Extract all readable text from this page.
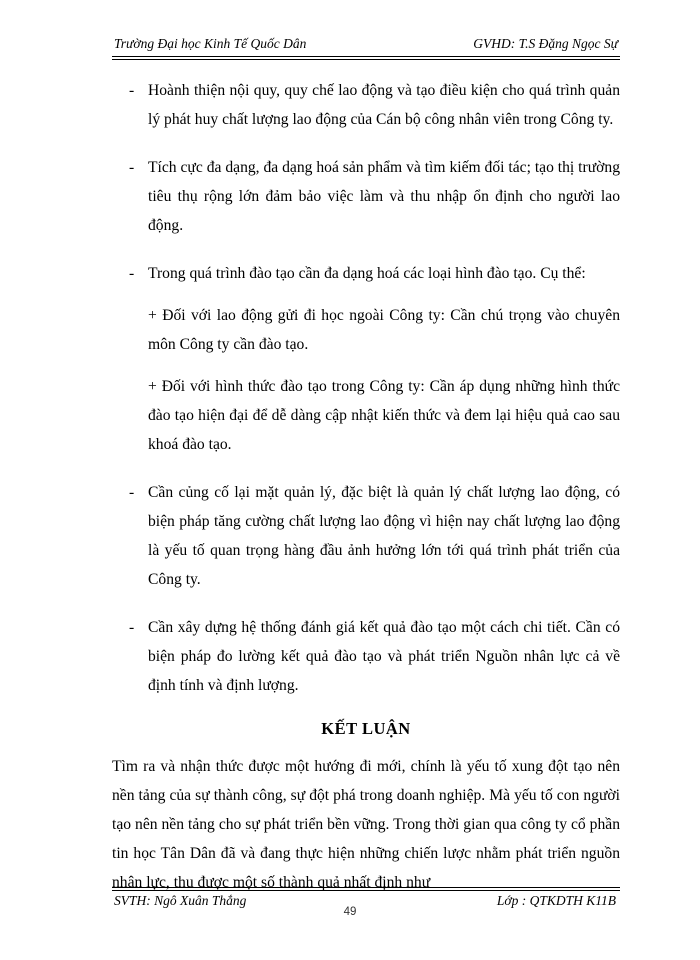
Trường Đại học Kinh Tế Quốc Dân	GVHD: T.S Đặng Ngọc Sự
- Hoành thiện nội quy, quy chế lao động và tạo điều kiện cho quá trình quản lý phát huy chất lượng lao động của Cán bộ công nhân viên trong Công ty.
- Tích cực đa dạng, đa dạng hoá sản phẩm và tìm kiếm đối tác; tạo thị trường tiêu thụ rộng lớn đảm bảo việc làm và thu nhập ổn định cho người lao động.
- Trong quá trình đào tạo cần đa dạng hoá các loại hình đào tạo. Cụ thể:
+ Đối với lao động gửi đi học ngoài Công ty: Cần chú trọng vào chuyên môn Công ty cần đào tạo.
+ Đối với hình thức đào tạo trong Công ty: Cần áp dụng những hình thức đào tạo hiện đại để dễ dàng cập nhật kiến thức và đem lại hiệu quả cao sau khoá đào tạo.
- Cần củng cố lại mặt quản lý, đặc biệt là quản lý chất lượng lao động, có biện pháp tăng cường chất lượng lao động vì hiện nay chất lượng lao động là yếu tố quan trọng hàng đầu ảnh hưởng lớn tới quá trình phát triển của Công ty.
- Cần xây dựng hệ thống đánh giá kết quả đào tạo một cách chi tiết. Cần có biện pháp đo lường kết quả đào tạo và phát triển Nguồn nhân lực cả về định tính và định lượng.
KẾT LUẬN
Tìm ra và nhận thức được một hướng đi mới, chính là yếu tố xung đột tạo nên nền tảng của sự thành công, sự đột phá trong doanh nghiệp. Mà yếu tố con người tạo nên nền tảng cho sự phát triển bền vững. Trong thời gian qua công ty cổ phần tin học Tân Dân đã và đang thực hiện những chiến lược nhằm phát triển nguồn nhân lực, thu được một số thành quả nhất định như
SVTH: Ngô Xuân Thắng	Lớp : QTKDTH K11B
49
